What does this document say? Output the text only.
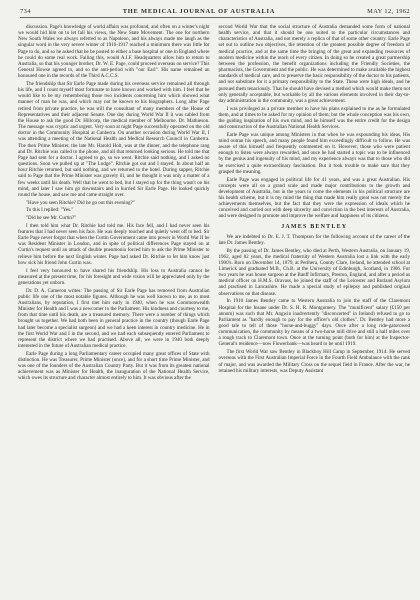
734	THE MEDICAL JOURNAL OF AUSTRALIA	MAY 12, 1962

discussion. Page's knowledge of world affairs was profound, and often on a winter's night we would bid him on to let fall his views, the New State Movement. The one for northern New South Wales we always referred to as Napoleon, and his always made me laugh as the singular word in the very severe winter of 1916-1917 reached a minimum there was little for Page to do, and so he asked that he be posted to either a base hospital or one in England where he could do some real work. Failing this, would A.I.F. Headquarters allow him to return to Australia, so that his younger brother, Dr. W. E. Page, could proceed overseas on service? This General Howse agreed to, and so the anti-period with "our Earl". His name remained an honoured one in the records of the Third A.C.C.S.

The friendship that Sir Earle Page made during his overseas service remained all through his life, and I count myself most fortunate to have known and worked with him. I feel that he would like to be my remembering those two incidents concerning him which showed what manner of man he was, and which may not be known to his biographers. Long after Page retired from private practice, he was still the consultant of many members of the House of Representatives and their adjacent Senate. One day during World War II it was cabled from the House to ask the good Dr. Hillcorp, the medical member of Melbourne. Dr. Mathieson. The message was cryptic and urgent. Very soon at night Page successfully operated on the old doctor in the Community Hospital at Canberra. On another occasion during World War II, I was attending a meeting of the National Health and Medical Research Council in Canberra. The then Prime Minister, the late Mr. Harold Holt, was at the dinner, and the telephone rang and Dr. Ritchie was called to the phone, and all that returned looking serious. He told me that Page had sent for a doctor. I agreed to go, so we went. Ritchie said nothing, and I asked no questions. Soon we pulled up at "The Lodge". Ritchie got out and I stayed. In about half an hour Ritchie returned, but said nothing, and we returned to the hotel. During supper, Ritchie said to Page that the Prime Minister was gravely ill, and he thought it was only a matter of a few weeks until his death. Well that he went to bed, but I stayed up for the thing wasn't on his mind, and later I saw him go downstairs and in hurried Sir Earle Page. He looked quickly round the house, and saw me and came straight over.

"Have you seen Ritchie? Did he go out this evening?"

To this I replied: "Yes."

"Did he see Mr. Curtin?"

I then told him what Dr. Ritchie had told me. His face fell, and I had never seen his features that I had never seen his face. He was deeply touched and quietly went off to bed. Sir Earle Page never forgot that when the Curtin Government came into power in World War II he was Resident Minister in London, and in spite of political differences Page stayed on at Curtin's request until an attack of double pneumonia forced him to ask the Prime Minister to relieve him before the next English winter. Page had asked Dr. Ritchie to let him know just how sick his friend John Curtin was.

I feel very honoured to have shared his friendship. His loss to Australia cannot be measured at the present time, for his foresight and wide vision will be appreciated only by the generations yet unborn.

Dr. D. A. Cameron writes: The passing of Sir Earle Page has removed from Australian public life one of the most notable figures. Although he was well known to me, as to most Australians, by reputation, I first met him early in 1940, when he was Commonwealth Minister for Health and I was a newcomer to the Parliament. His kindness and courtesy to me, from that time until his death, are a treasured memory. There were a number of things which brought us together. We had both been in general practice in the country (though Earle Page had later become a specialist surgeon) and we had a keen interest in country medicine. He in the first World War and I in the second, and we had each subsequently entered Parliament to represent the district where we had practised. Above all, we were in 1940 both deeply interested in the future of Australian medical practice.

Earle Page during a long Parliamentary career occupied many great offices of State with distinction. He was Treasurer, Prime Minister (once), and for a short time Prime Minister, and was one of the founders of the Australian Country Party. But it was from its greatest national achievement was as Minister for Health, the inauguration of the National Health Service, which owes its structure and character almost entirely to him. It was obvious after the

second World War that the social structure of Australia demanded some form of national health service, and that it should be one suited to the particular circumstances and characteristics of Australia, and not merely a replica of that of some other country. Earle Page set out to outline two objectives, the retention of the greatest possible degree of freedom of medical practice, and at the same time the bringing of the great and expanding resources of modern medicine within the reach of every citizen. In doing so he created a great partnership between the profession, the benefit organizations including the Friendly Societies, the pharmacists, the Government and the public. He was determined to make available the highest standards of medical care, and to preserve the basic responsibility of the doctor to his patients, and not substitute for it a primary responsibility to the State. These were high ideals, and he pursued them tenaciously. That he should have devised a method which would make them not only generally acceptable, but workable by all the various elements involved in their day-to-day administration in the community, was a great achievement.

I was privileged as a private member to have his plans explained to me as he formulated them, and at times to be asked for my opinion of them; but the whole conception was his own, the guiding inspiration of his own mind, and he himself was the entire credit for the design and construction of the Australian National Health Services.

Earle Page was unique among Ministers in that when he was expounding his ideas, His mind outran his speech, and many people found him exceedingly difficult to follow. He was aware of this himself and frequently commented on it. However, those who were patient enough to listen were always rewarded, and once he had started a topic was to be influenced by the genius and ingenuity of his mind, and my experience always was that to those who did he exercised a quite extraordinary fascination. But it took trouble to make sure that they grasped the meaning.

Earle Page was engaged in political life for 41 years, and was a great Australian. His concepts were all on a grand scale and made major contributions to the growth and development of Australia, but in the years to come the elements in his political structure are his health scheme, but it is my mind the thing that made him really great was not merely the achievements themselves, but the fact that they were the expression of ideals which he conceived and carried out with deep sincerity and conviction in the best interests of Australia, and were designed to promote and improve the welfare and happiness of its citizens.

JAMES BENTLEY

We are indebted to Dr. E. J. T. Thompson for the following account of the career of the late Dr. James Bentley.

By the passing of Dr. James Bentley, who died at Perth, Western Australia, on January 19, 1962, aged 82 years, the medical fraternity of Western Australia lost a link with the early 1900's. Born on December 14, 1879, at Perlhera, County Clare, Ireland, he attended school at Limerick and graduated M.B., Ch.B. at the University of Edinburgh, Scotland, in 1906. For two years he was house surgeon at the Banff Infirmary, Preston, England, and after a period as medical officer on H.M.S. Oravass, he joined the staff of the Leicester and Rutland Asylum and practised in Lancashire. He made a special study of epilepsy and published original observations on that disease.

In 1910 James Bentley came to Western Australia to join the staff of the Claremont Hospital for the Insane under Dr. S. H. R. Montgomery. The "munificent" salary (£150 per annum) was such that Mr. Angwin inadvertently "disconcerted" in Ireland) refused to go to Parliament as "hardly enough to pay for the officer's old clothes". Dr. Bentley had more a good tale to tell of those "horse-and-buggy" days. Once after a long ride-gatorowed communication, the community by means of a two-horse mill drive and still a half miles over a rough track to Claremont town. Once at the turning point (both for him) at the Inspector-General's residence—now Flowerbank—was heard to be until 1919.

The first World War saw Bentley in Blackboy Hill Camp in September, 1914. He served overseas with the First Australian Imperial Force in the Fourth Field Ambulance with the rank of major, and was awarded the Military Cross on the sequel field in France. After the war, he retained his military interests, was Deputy Assistant
